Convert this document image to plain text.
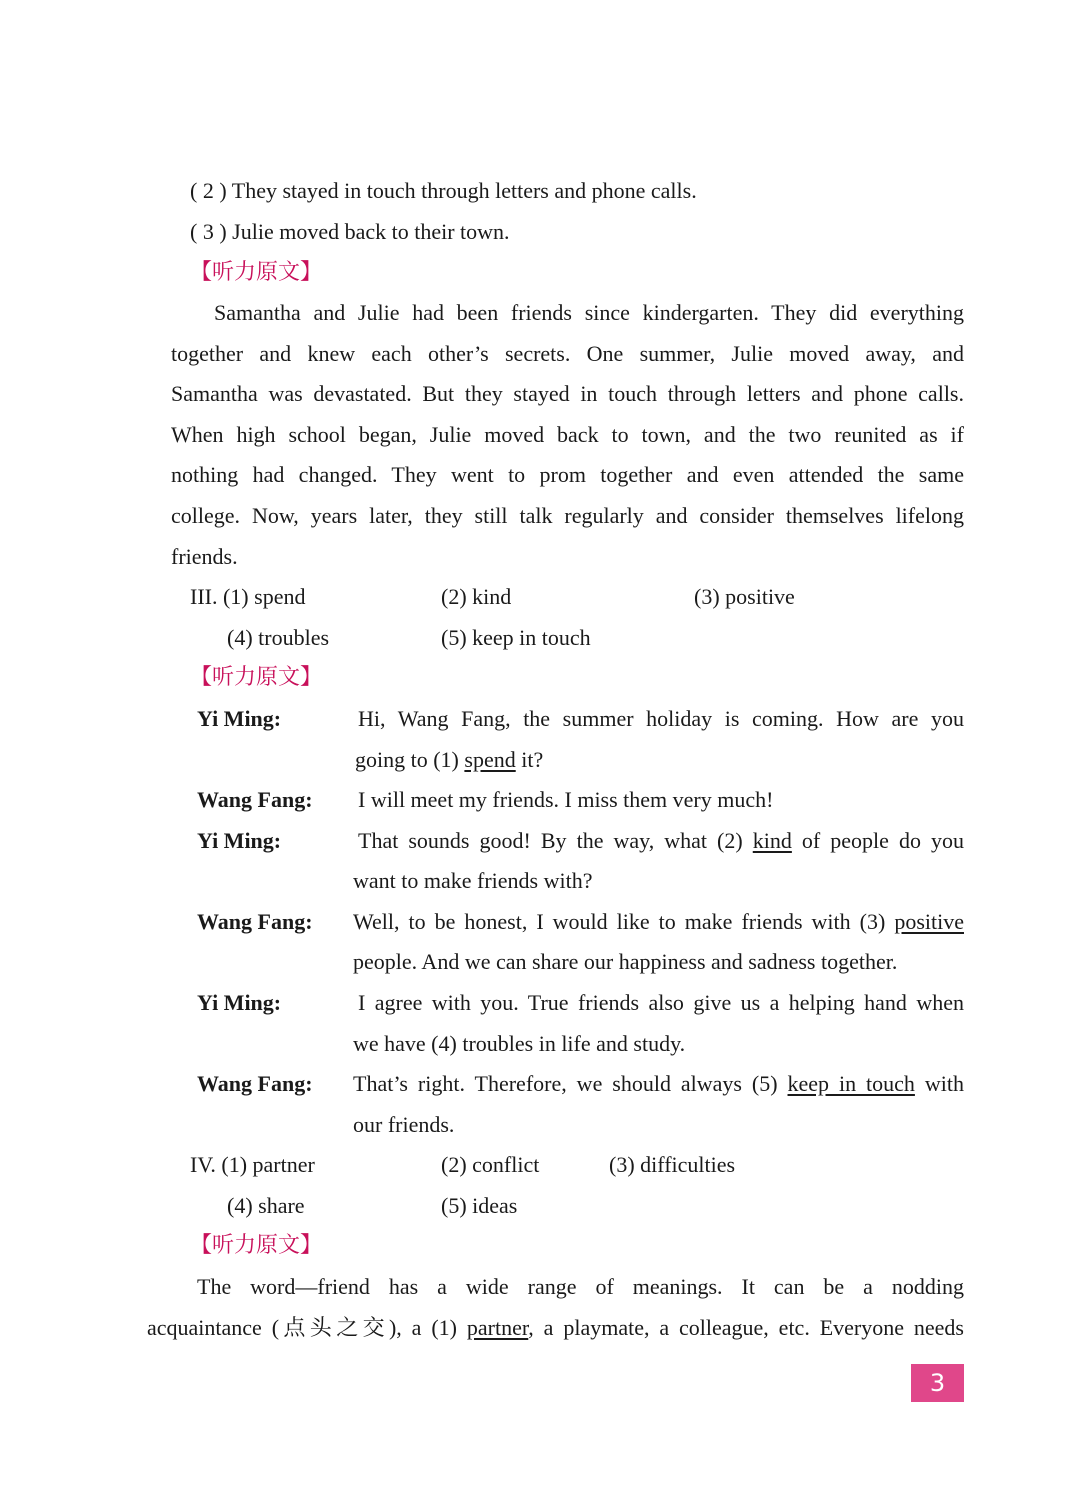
( 2 ) They stayed in touch through letters and phone calls.
( 3 ) Julie moved back to their town.
【听力原文】
Samantha and Julie had been friends since kindergarten. They did everything
together and knew each other’s secrets. One summer, Julie moved away, and
Samantha was devastated. But they stayed in touch through letters and phone calls.
When high school began, Julie moved back to town, and the two reunited as if
nothing had changed. They went to prom together and even attended the same
college. Now, years later, they still talk regularly and consider themselves lifelong
friends.
III. (1) spend	(2) kind	(3) positive
(4) troubles	(5) keep in touch
【听力原文】
Yi Ming:	Hi, Wang Fang, the summer holiday is coming. How are you
going to (1) spend it?
Wang Fang: I will meet my friends. I miss them very much!
Yi Ming:	That sounds good! By the way, what (2) kind of people do you
want to make friends with?
Wang Fang: Well, to be honest, I would like to make friends with (3) positive
people. And we can share our happiness and sadness together.
Yi Ming:	I agree with you. True friends also give us a helping hand when
we have (4) troubles in life and study.
Wang Fang: That’s right. Therefore, we should always (5) keep in touch with
our friends.
IV. (1) partner	(2) conflict	(3) difficulties
(4) share	(5) ideas
【听力原文】
The word—friend has a wide range of meanings. It can be a nodding
acquaintance (点头之交), a (1) partner, a playmate, a colleague, etc. Everyone needs
3
